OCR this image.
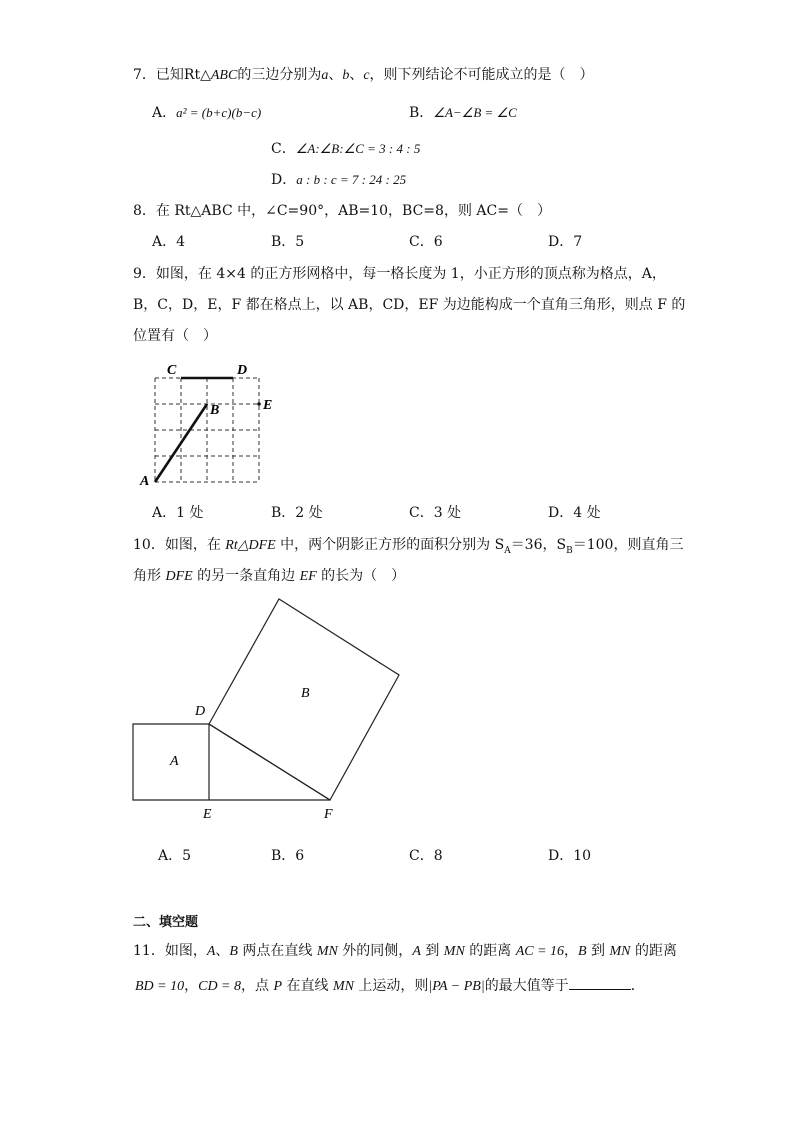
7．已知Rt△ABC的三边分别为a、b、c，则下列结论不可能成立的是（　）
A．a² = (b+c)(b−c)	B．∠A−∠B = ∠C
C．∠A:∠B:∠C = 3 : 4 : 5
D．a : b : c = 7 : 24 : 25
8．在 Rt△ABC 中，∠C=90°，AB=10，BC=8，则 AC=（　）
A．4	B．5	C．6	D．7
9．如图，在 4×4 的正方形网格中，每一格长度为 1，小正方形的顶点称为格点，A，
B，C，D，E，F 都在格点上，以 AB，CD，EF 为边能构成一个直角三角形，则点 F 的
位置有（　）
C	D
B	E
A
A．1 处	B．2 处	C．3 处	D．4 处
10．如图，在 Rt△DFE 中，两个阴影正方形的面积分别为 $S_A=36$，$S_B=100$，则直角三
角形 DFE 的另一条直角边 EF 的长为（　）
A
B
D
E	F
A．5	B．6	C．8	D．10
二、填空题
11．如图，A、B 两点在直线 MN 外的同侧，A 到 MN 的距离 AC = 16，B 到 MN 的距离
BD = 10，CD = 8，点 P 在直线 MN 上运动，则|PA − PB|的最大值等于	．
